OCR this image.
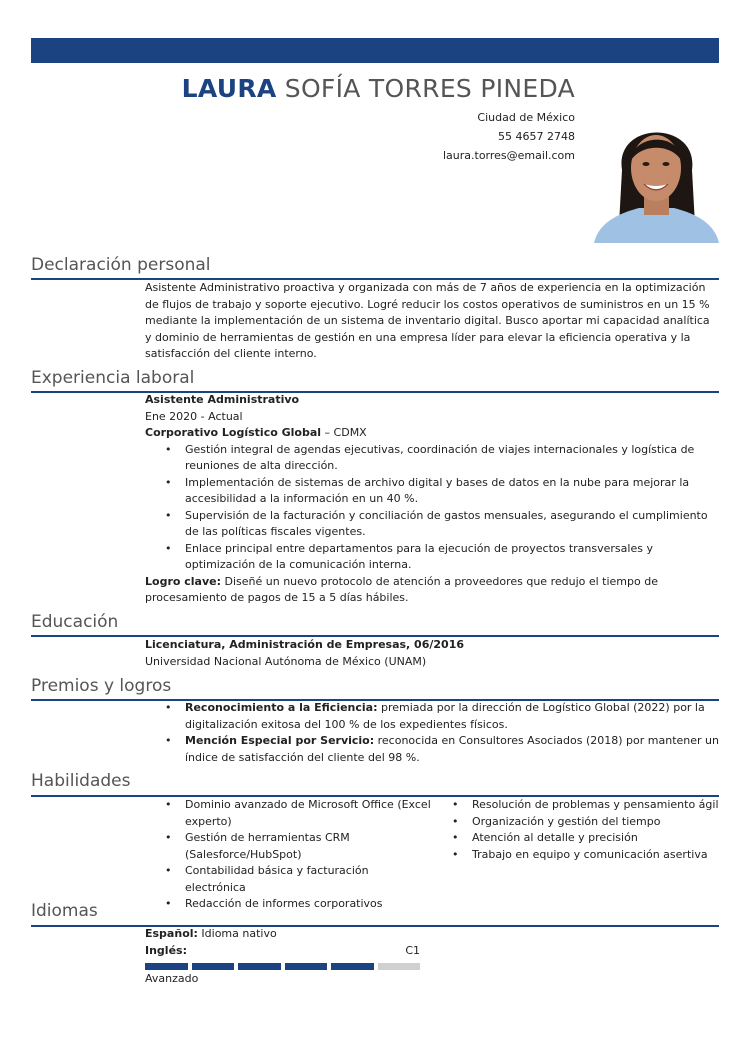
LAURA SOFÍA TORRES PINEDA
Ciudad de México
55 4657 2748
laura.torres@email.com
Declaración personal

Asistente Administrativo proactiva y organizada con más de 7 años de experiencia en la optimización de flujos de trabajo y soporte ejecutivo. Logré reducir los costos operativos de suministros en un 15 % mediante la implementación de un sistema de inventario digital. Busco aportar mi capacidad analítica y dominio de herramientas de gestión en una empresa líder para elevar la eficiencia operativa y la satisfacción del cliente interno.

Experiencia laboral

Asistente Administrativo

Ene 2020 - Actual

Corporativo Logístico Global – CDMX

• Gestión integral de agendas ejecutivas, coordinación de viajes internacionales y logística de reuniones de alta dirección.
• Implementación de sistemas de archivo digital y bases de datos en la nube para mejorar la accesibilidad a la información en un 40 %.
• Supervisión de la facturación y conciliación de gastos mensuales, asegurando el cumplimiento de las políticas fiscales vigentes.
• Enlace principal entre departamentos para la ejecución de proyectos transversales y optimización de la comunicación interna.

Logro clave: Diseñé un nuevo protocolo de atención a proveedores que redujo el tiempo de procesamiento de pagos de 15 a 5 días hábiles.

Educación

Licenciatura, Administración de Empresas, 06/2016

Universidad Nacional Autónoma de México (UNAM)

Premios y logros
• Reconocimiento a la Eficiencia: premiada por la dirección de Logístico Global (2022) por la digitalización exitosa del 100 % de los expedientes físicos.
• Mención Especial por Servicio: reconocida en Consultores Asociados (2018) por mantener un índice de satisfacción del cliente del 98 %.
Habilidades
• Dominio avanzado de Microsoft Office (Excel experto)
• Gestión de herramientas CRM (Salesforce/HubSpot)
• Contabilidad básica y facturación electrónica
• Redacción de informes corporativos
• Resolución de problemas y pensamiento ágil
• Organización y gestión del tiempo
• Atención al detalle y precisión
• Trabajo en equipo y comunicación asertiva
Idiomas

Español: Idioma nativo

Inglés:	C1

Avanzado
